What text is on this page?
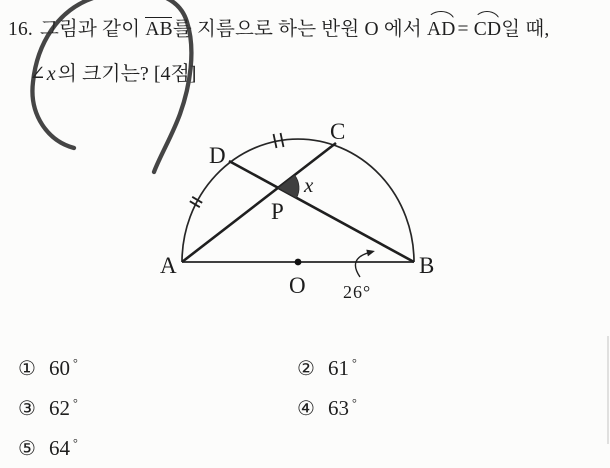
16. 그림과 같이 AB를 지름으로 하는 반원 O 에서 AD = CD일 때,
∠x 의 크기는? [4점]
A	B
C
D
O
P
x
26°
① 60 °	② 61 °
③ 62 °	④ 63 °
⑤ 64 °
